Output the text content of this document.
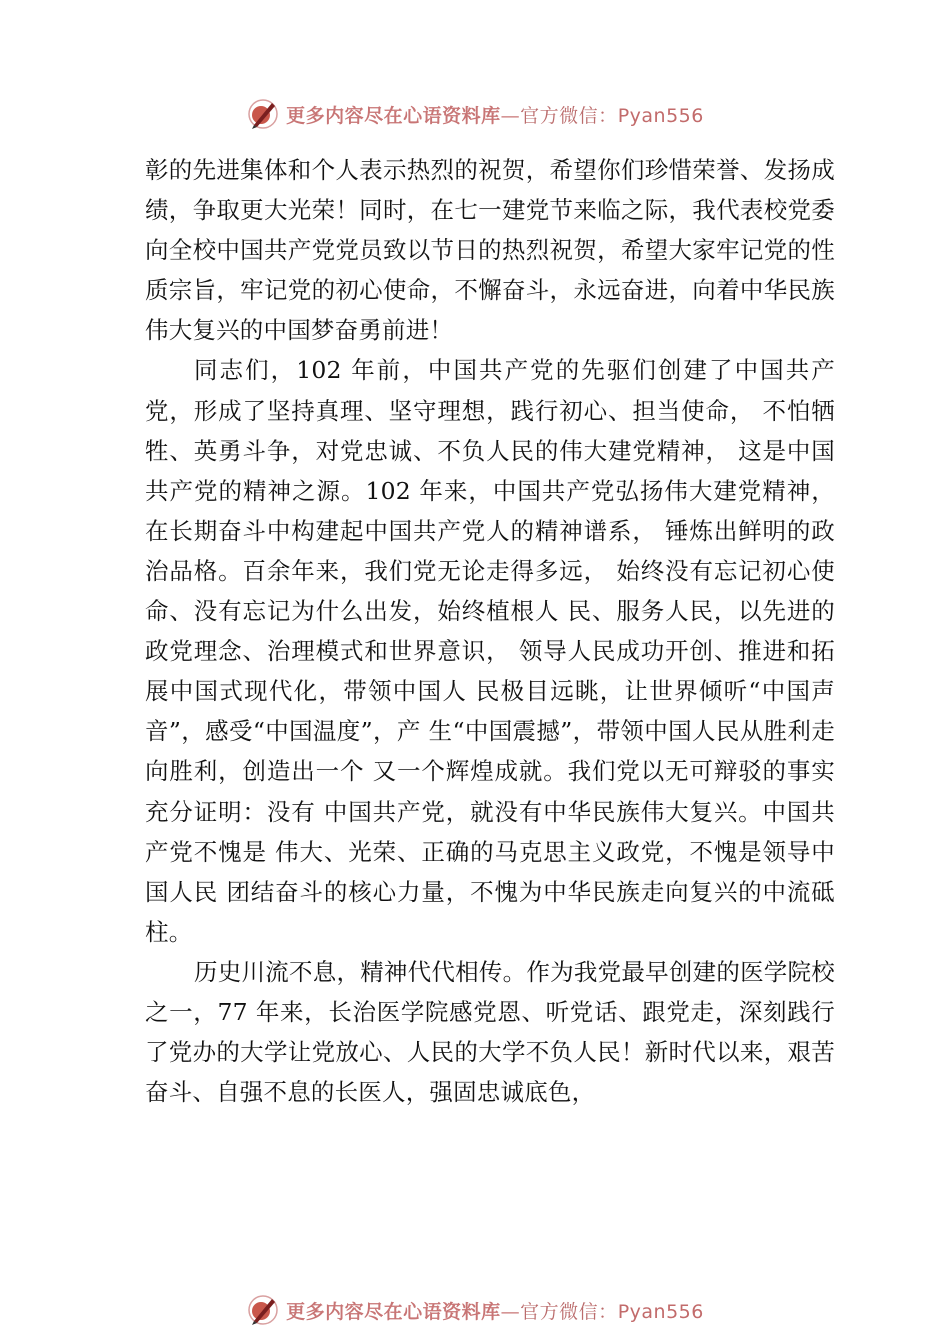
更多内容尽在心语资料库—官方微信：Pyan556

彰的先进集体和个人表示热烈的祝贺，希望你们珍惜荣誉、发扬成绩，争取更大光荣！同时，在七一建党节来临之际，我代表校党委向全校中国共产党党员致以节日的热烈祝贺，希望大家牢记党的性质宗旨，牢记党的初心使命，不懈奋斗，永远奋进，向着中华民族伟大复兴的中国梦奋勇前进！

同志们，102 年前，中国共产党的先驱们创建了中国共产党，形成了坚持真理、坚守理想，践行初心、担当使命， 不怕牺牲、英勇斗争，对党忠诚、不负人民的伟大建党精神， 这是中国共产党的精神之源。102 年来，中国共产党弘扬伟大建党精神，在长期奋斗中构建起中国共产党人的精神谱系， 锤炼出鲜明的政治品格。百余年来，我们党无论走得多远， 始终没有忘记初心使命、没有忘记为什么出发，始终植根人 民、服务人民，以先进的政党理念、治理模式和世界意识， 领导人民成功开创、推进和拓展中国式现代化，带领中国人 民极目远眺，让世界倾听“中国声音”，感受“中国温度”，产 生“中国震撼”，带领中国人民从胜利走向胜利，创造出一个 又一个辉煌成就。我们党以无可辩驳的事实充分证明：没有 中国共产党，就没有中华民族伟大复兴。中国共产党不愧是 伟大、光荣、正确的马克思主义政党，不愧是领导中国人民 团结奋斗的核心力量，不愧为中华民族走向复兴的中流砥柱。

历史川流不息，精神代代相传。作为我党最早创建的医学院校之一，77 年来，长治医学院感党恩、听党话、跟党走，深刻践行了党办的大学让党放心、人民的大学不负人民！新时代以来，艰苦奋斗、自强不息的长医人，强固忠诚底色，

更多内容尽在心语资料库—官方微信：Pyan556
